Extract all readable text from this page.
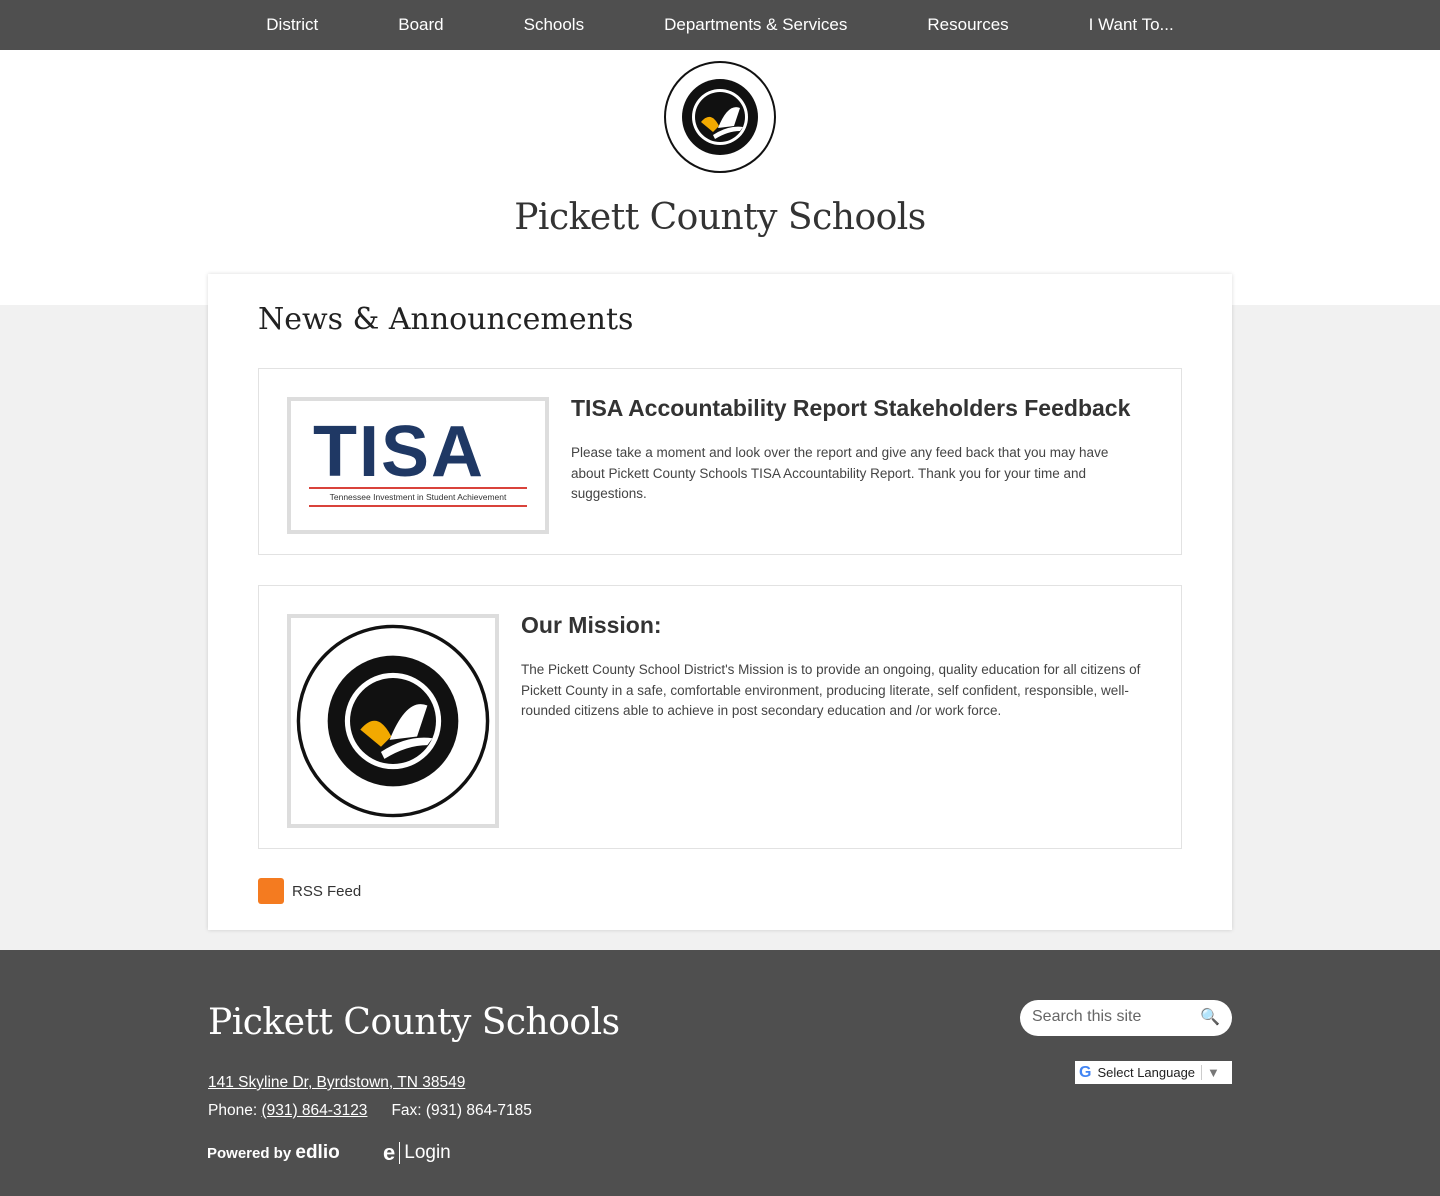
District	Board	Schools	Departments & Services	Resources	I Want To...
Pickett County Schools
News & Announcements
TISA
Tennessee Investment in Student Achievement
TISA Accountability Report Stakeholders Feedback

Please take a moment and look over the report and give any feed back that you may have about Pickett County Schools TISA Accountability Report. Thank you for your time and suggestions.

Our Mission:

The Pickett County School District's Mission is to provide an ongoing, quality education for all citizens of Pickett County in a safe, comfortable environment, producing literate, self confident, responsible, well-rounded citizens able to achieve in post secondary education and /or work force.

RSS Feed
Pickett County Schools
141 Skyline Dr, Byrdstown, TN 38549
Phone: (931) 864-3123 Fax: (931) 864-7185
Powered by edlio e Login
Search this site	🔍
G Select Language ▼
